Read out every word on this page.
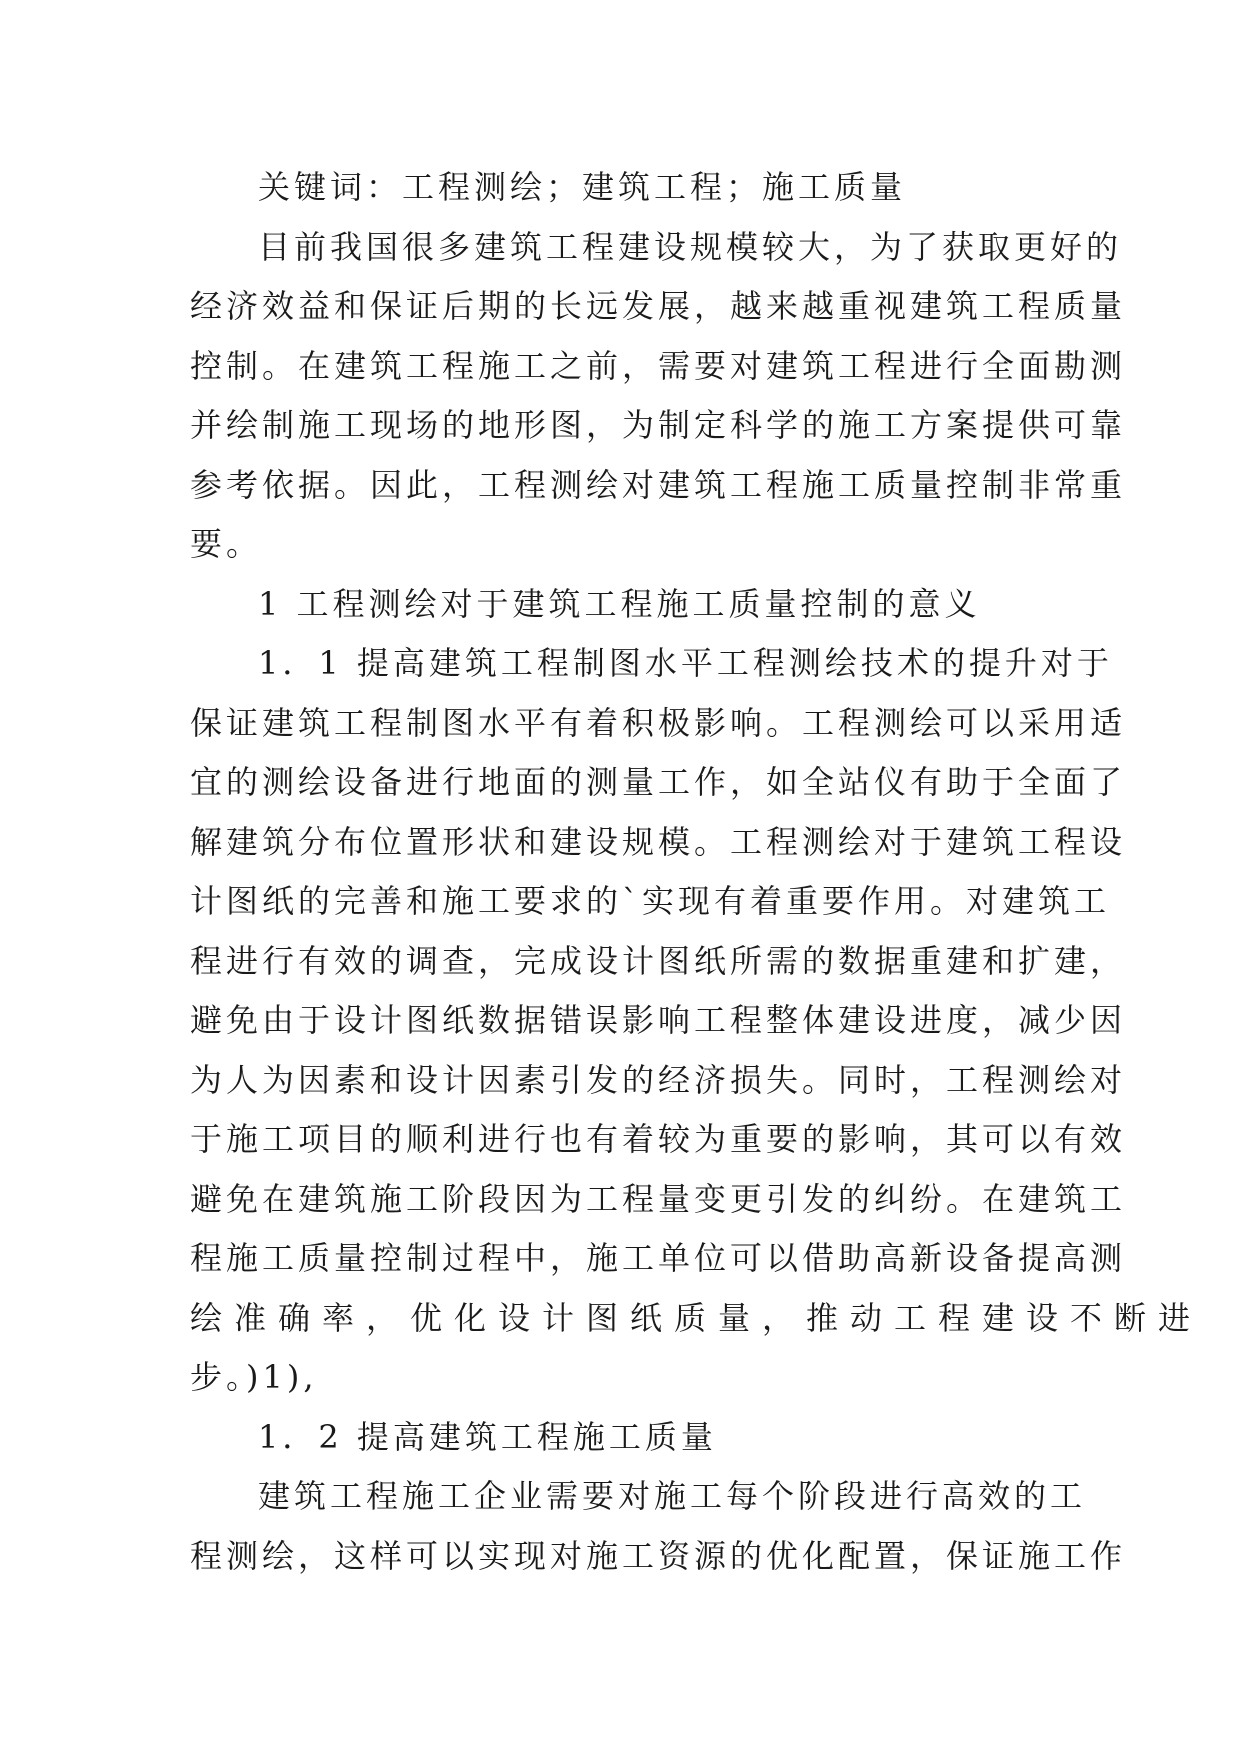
关键词：工程测绘；建筑工程；施工质量
目前我国很多建筑工程建设规模较大，为了获取更好的
经济效益和保证后期的长远发展，越来越重视建筑工程质量
控制。在建筑工程施工之前，需要对建筑工程进行全面勘测
并绘制施工现场的地形图，为制定科学的施工方案提供可靠
参考依据。因此，工程测绘对建筑工程施工质量控制非常重
要。
1 工程测绘对于建筑工程施工质量控制的意义
1．1 提高建筑工程制图水平工程测绘技术的提升对于
保证建筑工程制图水平有着积极影响。工程测绘可以采用适
宜的测绘设备进行地面的测量工作，如全站仪有助于全面了
解建筑分布位置形状和建设规模。工程测绘对于建筑工程设
计图纸的完善和施工要求的`实现有着重要作用。对建筑工
程进行有效的调查，完成设计图纸所需的数据重建和扩建，
避免由于设计图纸数据错误影响工程整体建设进度，减少因
为人为因素和设计因素引发的经济损失。同时，工程测绘对
于施工项目的顺利进行也有着较为重要的影响，其可以有效
避免在建筑施工阶段因为工程量变更引发的纠纷。在建筑工
程施工质量控制过程中，施工单位可以借助高新设备提高测
绘准确率，优化设计图纸质量，推动工程建设不断进
步。)1),
1．2 提高建筑工程施工质量
建筑工程施工企业需要对施工每个阶段进行高效的工
程测绘，这样可以实现对施工资源的优化配置，保证施工作
